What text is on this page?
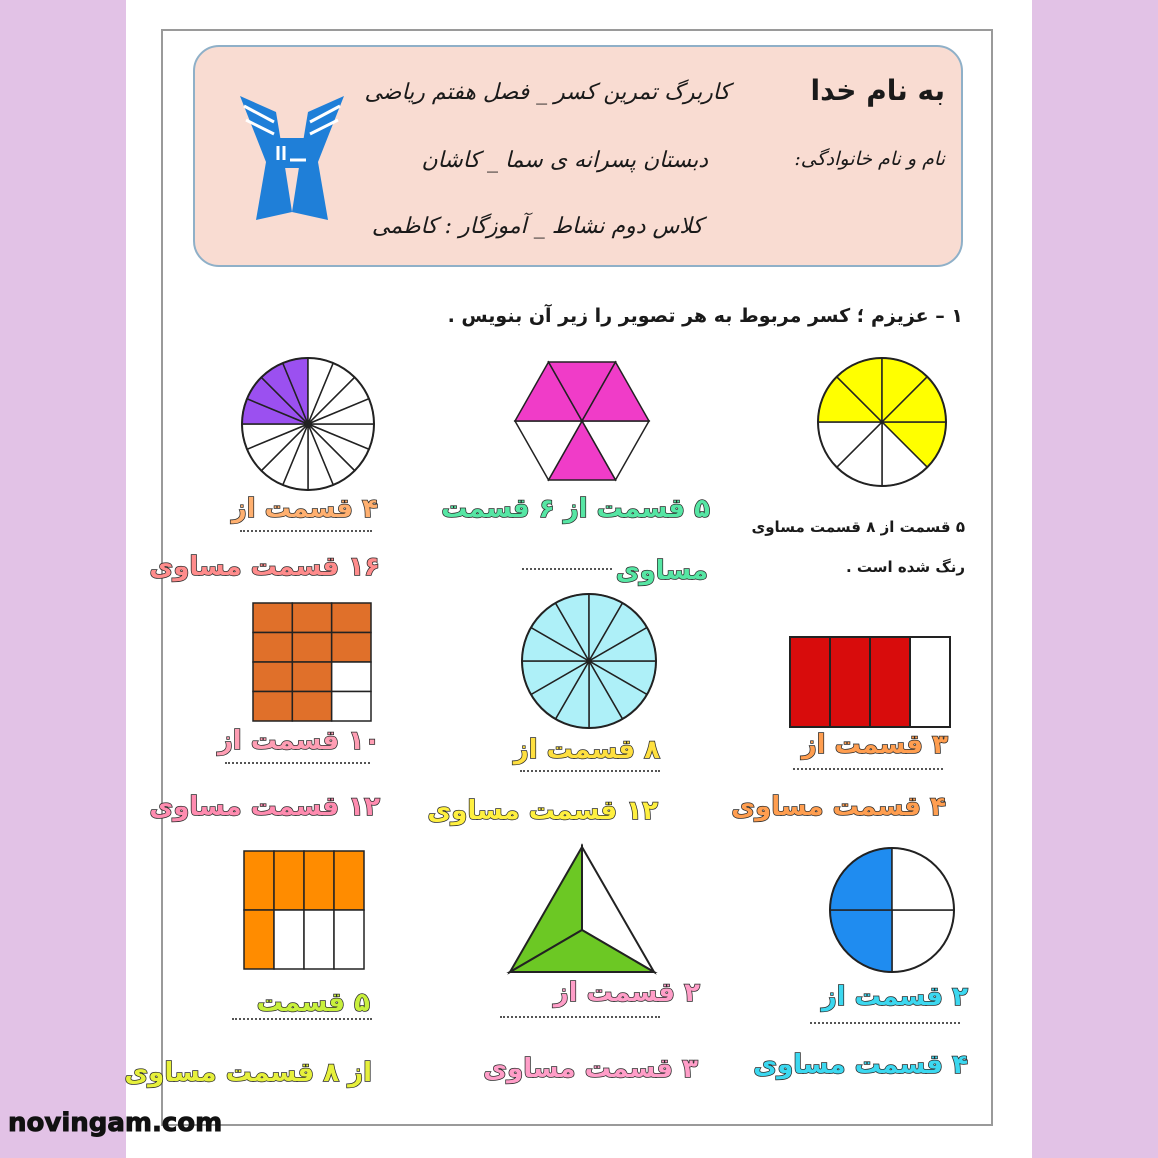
به نام خدا
کاربرگ تمرین کسر _ فصل هفتم ریاضی
نام و نام خانوادگی:
دبستان پسرانه ی سما _ کاشان
کلاس دوم نشاط _ آموزگار : کاظمی
۱ – عزیزم ؛ کسر مربوط به هر تصویر را زیر آن بنویس .
۵ قسمت از ۸ قسمت مساوی
رنگ شده است .
۵ قسمت از ۶ قسمت
مساوی
۴ قسمت از
۱۶ قسمت مساوی
۳ قسمت از
۴ قسمت مساوی
۸ قسمت از
۱۲ قسمت مساوی
۱۰ قسمت از
۱۲ قسمت مساوی
۲ قسمت از
۴ قسمت مساوی
۲ قسمت از
۳ قسمت مساوی
۵ قسمت
از ۸ قسمت مساوی
novingam.com
